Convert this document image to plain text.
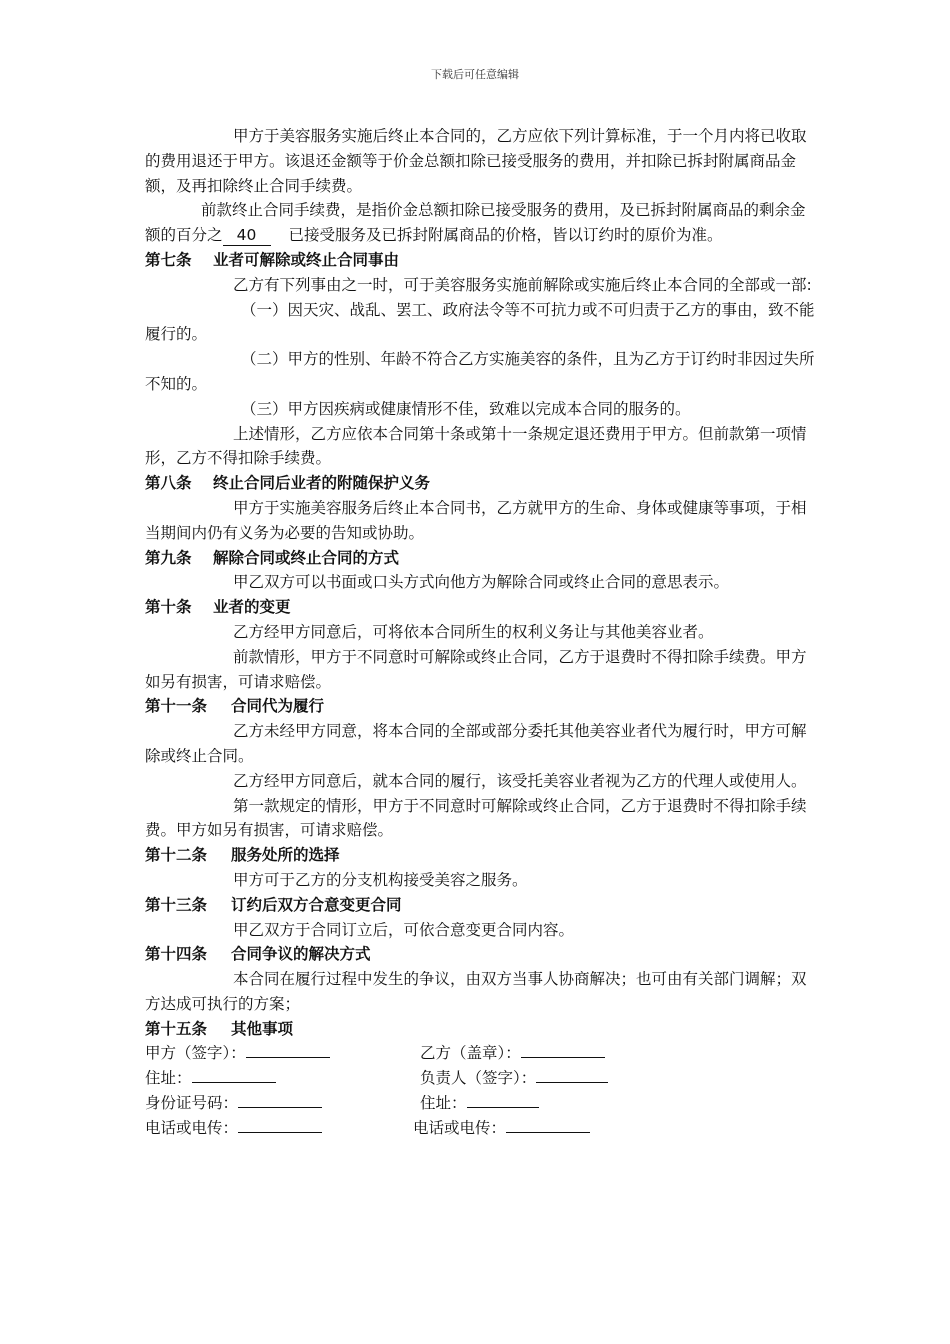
下载后可任意编辑

甲方于美容服务实施后终止本合同的，乙方应依下列计算标准，于一个月内将已收取的费用退还于甲方。该退还金额等于价金总额扣除已接受服务的费用，并扣除已拆封附属商品金额，及再扣除终止合同手续费。

前款终止合同手续费，是指价金总额扣除已接受服务的费用，及已拆封附属商品的剩余金额的百分之 40 已接受服务及已拆封附属商品的价格，皆以订约时的原价为准。

第七条 业者可解除或终止合同事由

乙方有下列事由之一时，可于美容服务实施前解除或实施后终止本合同的全部或一部:

（一）因天灾、战乱、罢工、政府法令等不可抗力或不可归责于乙方的事由，致不能履行的。

（二）甲方的性别、年龄不符合乙方实施美容的条件，且为乙方于订约时非因过失所不知的。

（三）甲方因疾病或健康情形不佳，致难以完成本合同的服务的。

上述情形，乙方应依本合同第十条或第十一条规定退还费用于甲方。但前款第一项情形，乙方不得扣除手续费。

第八条 终止合同后业者的附随保护义务

甲方于实施美容服务后终止本合同书，乙方就甲方的生命、身体或健康等事项，于相当期间内仍有义务为必要的告知或协助。

第九条 解除合同或终止合同的方式

甲乙双方可以书面或口头方式向他方为解除合同或终止合同的意思表示。

第十条 业者的变更

乙方经甲方同意后，可将依本合同所生的权利义务让与其他美容业者。

前款情形，甲方于不同意时可解除或终止合同，乙方于退费时不得扣除手续费。甲方如另有损害，可请求赔偿。

第十一条 合同代为履行

乙方未经甲方同意，将本合同的全部或部分委托其他美容业者代为履行时，甲方可解除或终止合同。

乙方经甲方同意后，就本合同的履行，该受托美容业者视为乙方的代理人或使用人。

第一款规定的情形，甲方于不同意时可解除或终止合同，乙方于退费时不得扣除手续费。甲方如另有损害，可请求赔偿。

第十二条 服务处所的选择

甲方可于乙方的分支机构接受美容之服务。

第十三条 订约后双方合意变更合同

甲乙双方于合同订立后，可依合意变更合同内容。

第十四条 合同争议的解决方式

本合同在履行过程中发生的争议，由双方当事人协商解决；也可由有关部门调解；双方达成可执行的方案；

第十五条 其他事项

甲方（签字）：	乙方（盖章）：
住址：	负责人（签字）：
身份证号码：	住址：
电话或电传：	电话或电传：
